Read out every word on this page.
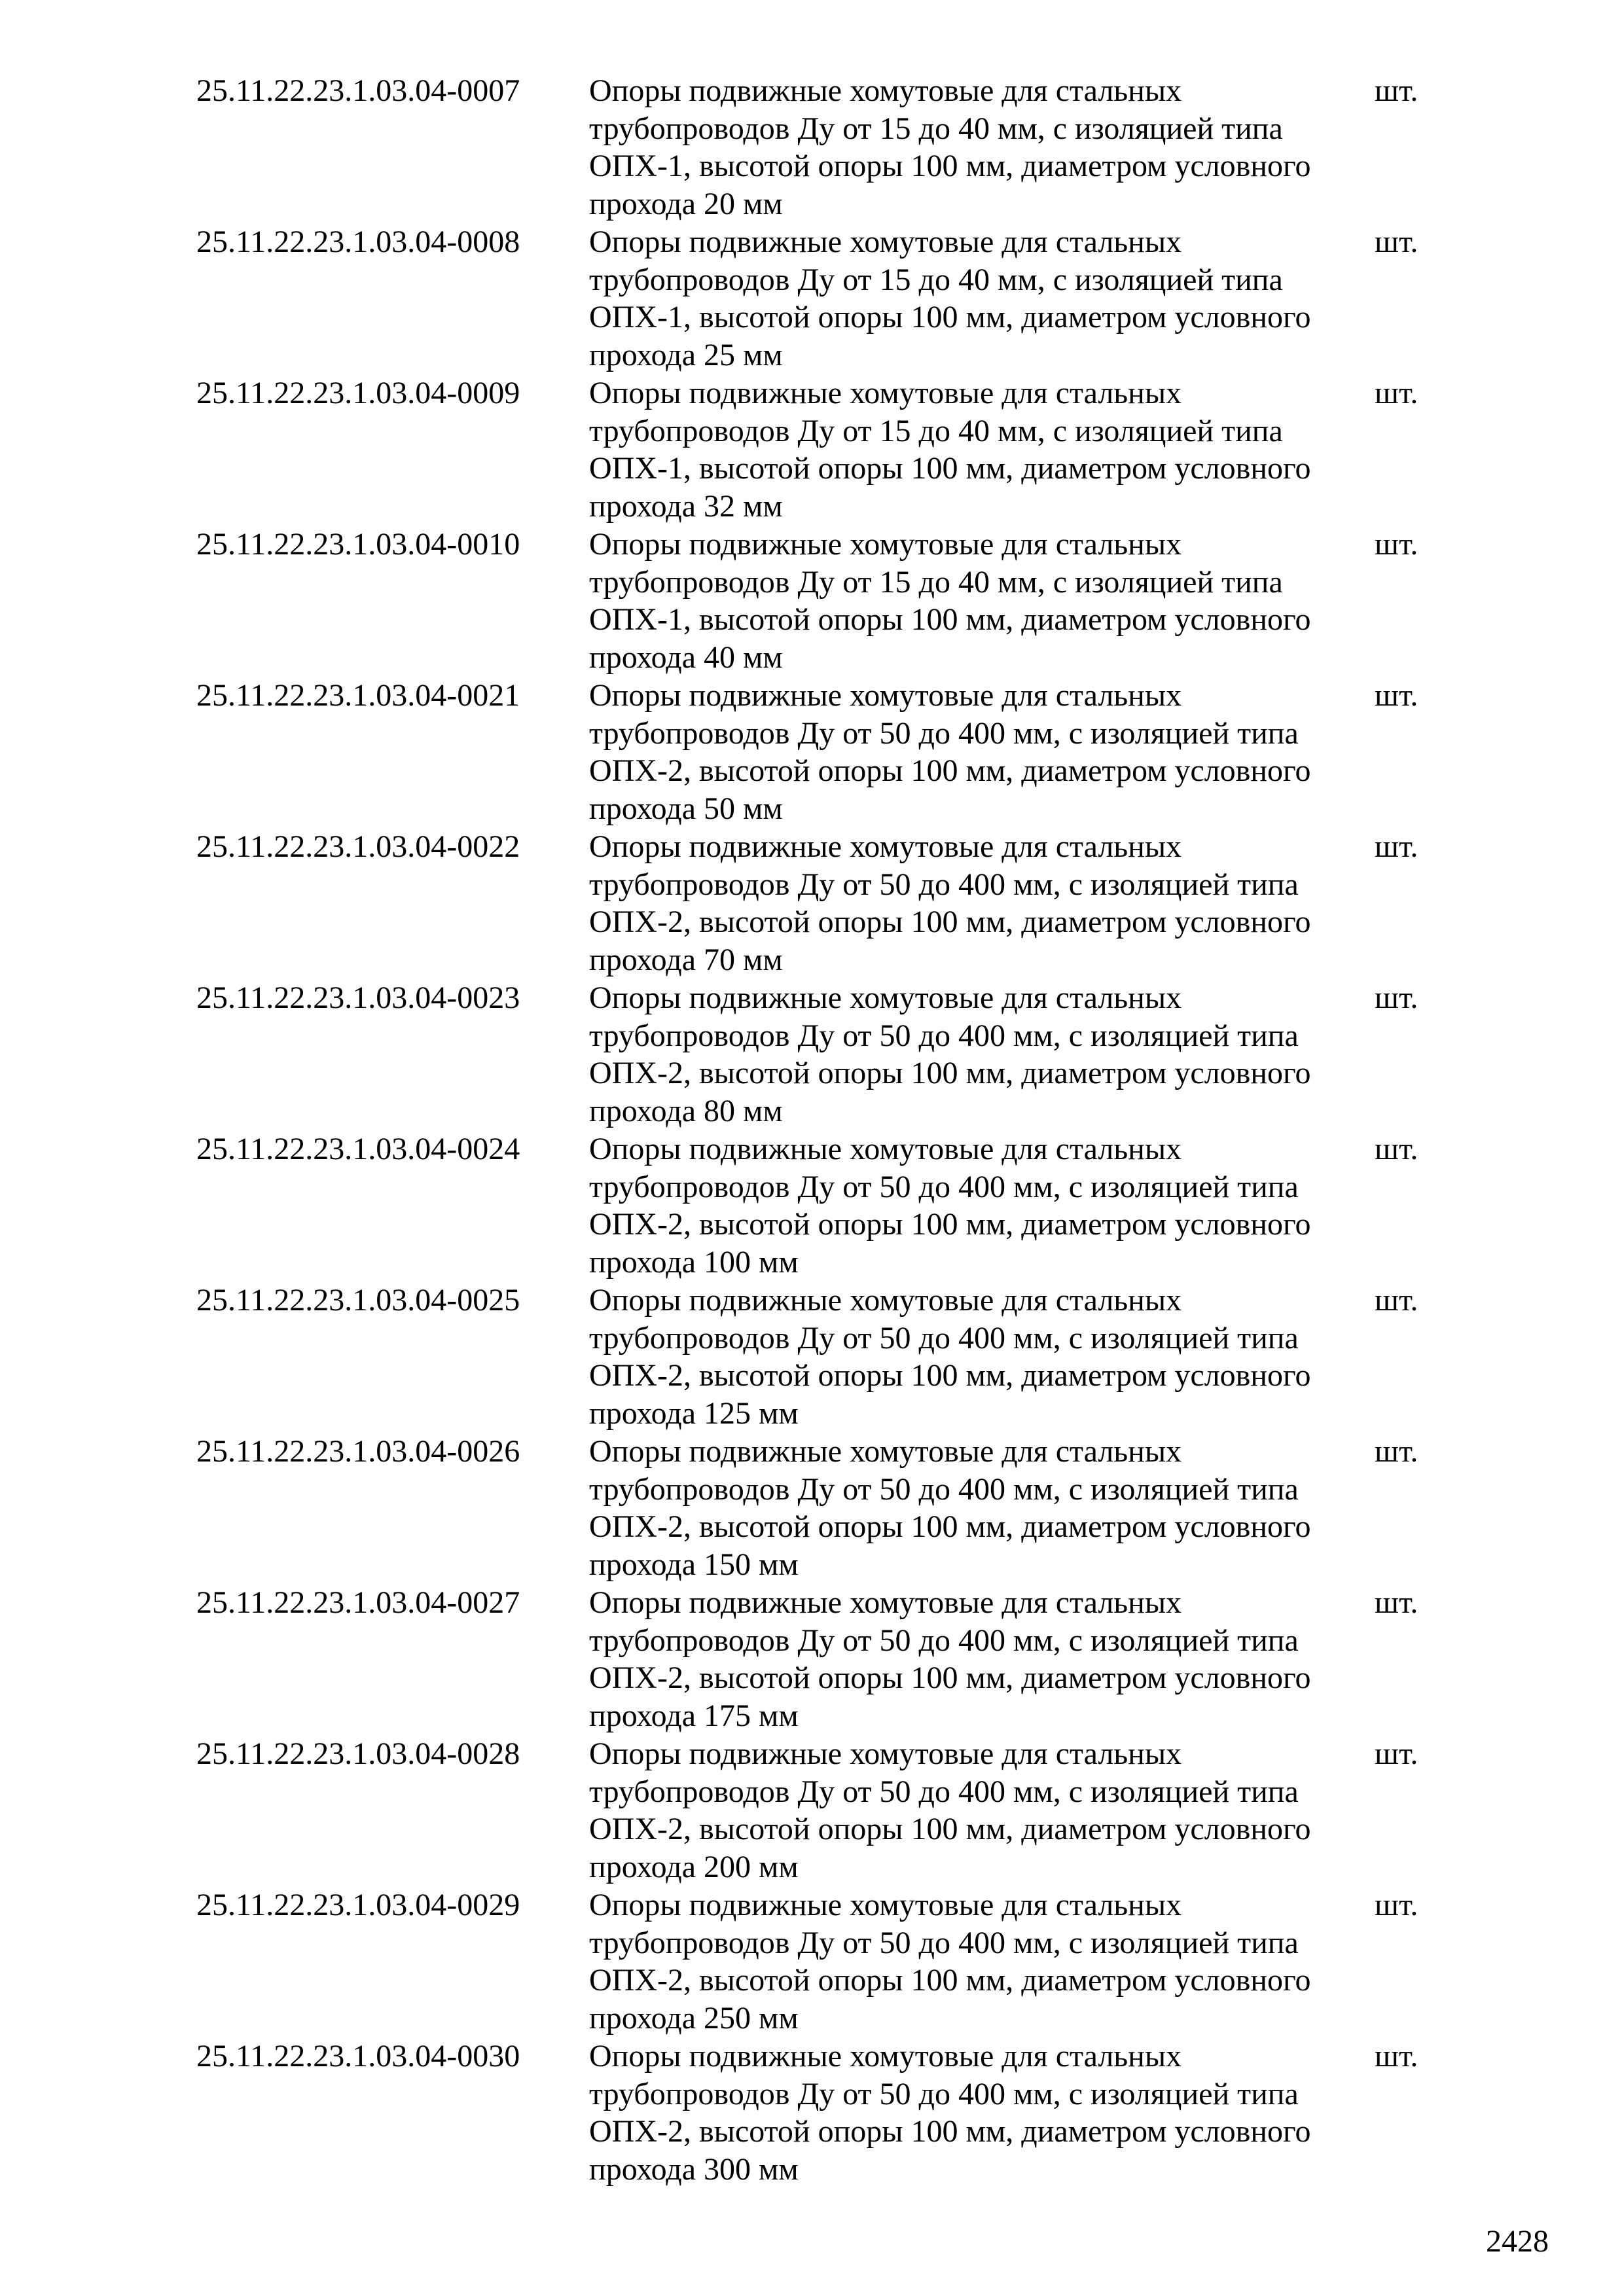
25.11.22.23.1.03.04-0007	Опоры подвижные хомутовые для стальных
трубопроводов Ду от 15 до 40 мм, с изоляцией типа
ОПХ-1, высотой опоры 100 мм, диаметром условного
прохода 20 мм
шт.
25.11.22.23.1.03.04-0008	Опоры подвижные хомутовые для стальных
трубопроводов Ду от 15 до 40 мм, с изоляцией типа
ОПХ-1, высотой опоры 100 мм, диаметром условного
прохода 25 мм
шт.
25.11.22.23.1.03.04-0009	Опоры подвижные хомутовые для стальных
трубопроводов Ду от 15 до 40 мм, с изоляцией типа
ОПХ-1, высотой опоры 100 мм, диаметром условного
прохода 32 мм
шт.
25.11.22.23.1.03.04-0010	Опоры подвижные хомутовые для стальных
трубопроводов Ду от 15 до 40 мм, с изоляцией типа
ОПХ-1, высотой опоры 100 мм, диаметром условного
прохода 40 мм
шт.
25.11.22.23.1.03.04-0021	Опоры подвижные хомутовые для стальных
трубопроводов Ду от 50 до 400 мм, с изоляцией типа
ОПХ-2, высотой опоры 100 мм, диаметром условного
прохода 50 мм
шт.
25.11.22.23.1.03.04-0022	Опоры подвижные хомутовые для стальных
трубопроводов Ду от 50 до 400 мм, с изоляцией типа
ОПХ-2, высотой опоры 100 мм, диаметром условного
прохода 70 мм
шт.
25.11.22.23.1.03.04-0023	Опоры подвижные хомутовые для стальных
трубопроводов Ду от 50 до 400 мм, с изоляцией типа
ОПХ-2, высотой опоры 100 мм, диаметром условного
прохода 80 мм
шт.
25.11.22.23.1.03.04-0024	Опоры подвижные хомутовые для стальных
трубопроводов Ду от 50 до 400 мм, с изоляцией типа
ОПХ-2, высотой опоры 100 мм, диаметром условного
прохода 100 мм
шт.
25.11.22.23.1.03.04-0025	Опоры подвижные хомутовые для стальных
трубопроводов Ду от 50 до 400 мм, с изоляцией типа
ОПХ-2, высотой опоры 100 мм, диаметром условного
прохода 125 мм
шт.
25.11.22.23.1.03.04-0026	Опоры подвижные хомутовые для стальных
трубопроводов Ду от 50 до 400 мм, с изоляцией типа
ОПХ-2, высотой опоры 100 мм, диаметром условного
прохода 150 мм
шт.
25.11.22.23.1.03.04-0027	Опоры подвижные хомутовые для стальных
трубопроводов Ду от 50 до 400 мм, с изоляцией типа
ОПХ-2, высотой опоры 100 мм, диаметром условного
прохода 175 мм
шт.
25.11.22.23.1.03.04-0028	Опоры подвижные хомутовые для стальных
трубопроводов Ду от 50 до 400 мм, с изоляцией типа
ОПХ-2, высотой опоры 100 мм, диаметром условного
прохода 200 мм
шт.
25.11.22.23.1.03.04-0029	Опоры подвижные хомутовые для стальных
трубопроводов Ду от 50 до 400 мм, с изоляцией типа
ОПХ-2, высотой опоры 100 мм, диаметром условного
прохода 250 мм
шт.
25.11.22.23.1.03.04-0030	Опоры подвижные хомутовые для стальных
трубопроводов Ду от 50 до 400 мм, с изоляцией типа
ОПХ-2, высотой опоры 100 мм, диаметром условного
прохода 300 мм
шт.
2428
